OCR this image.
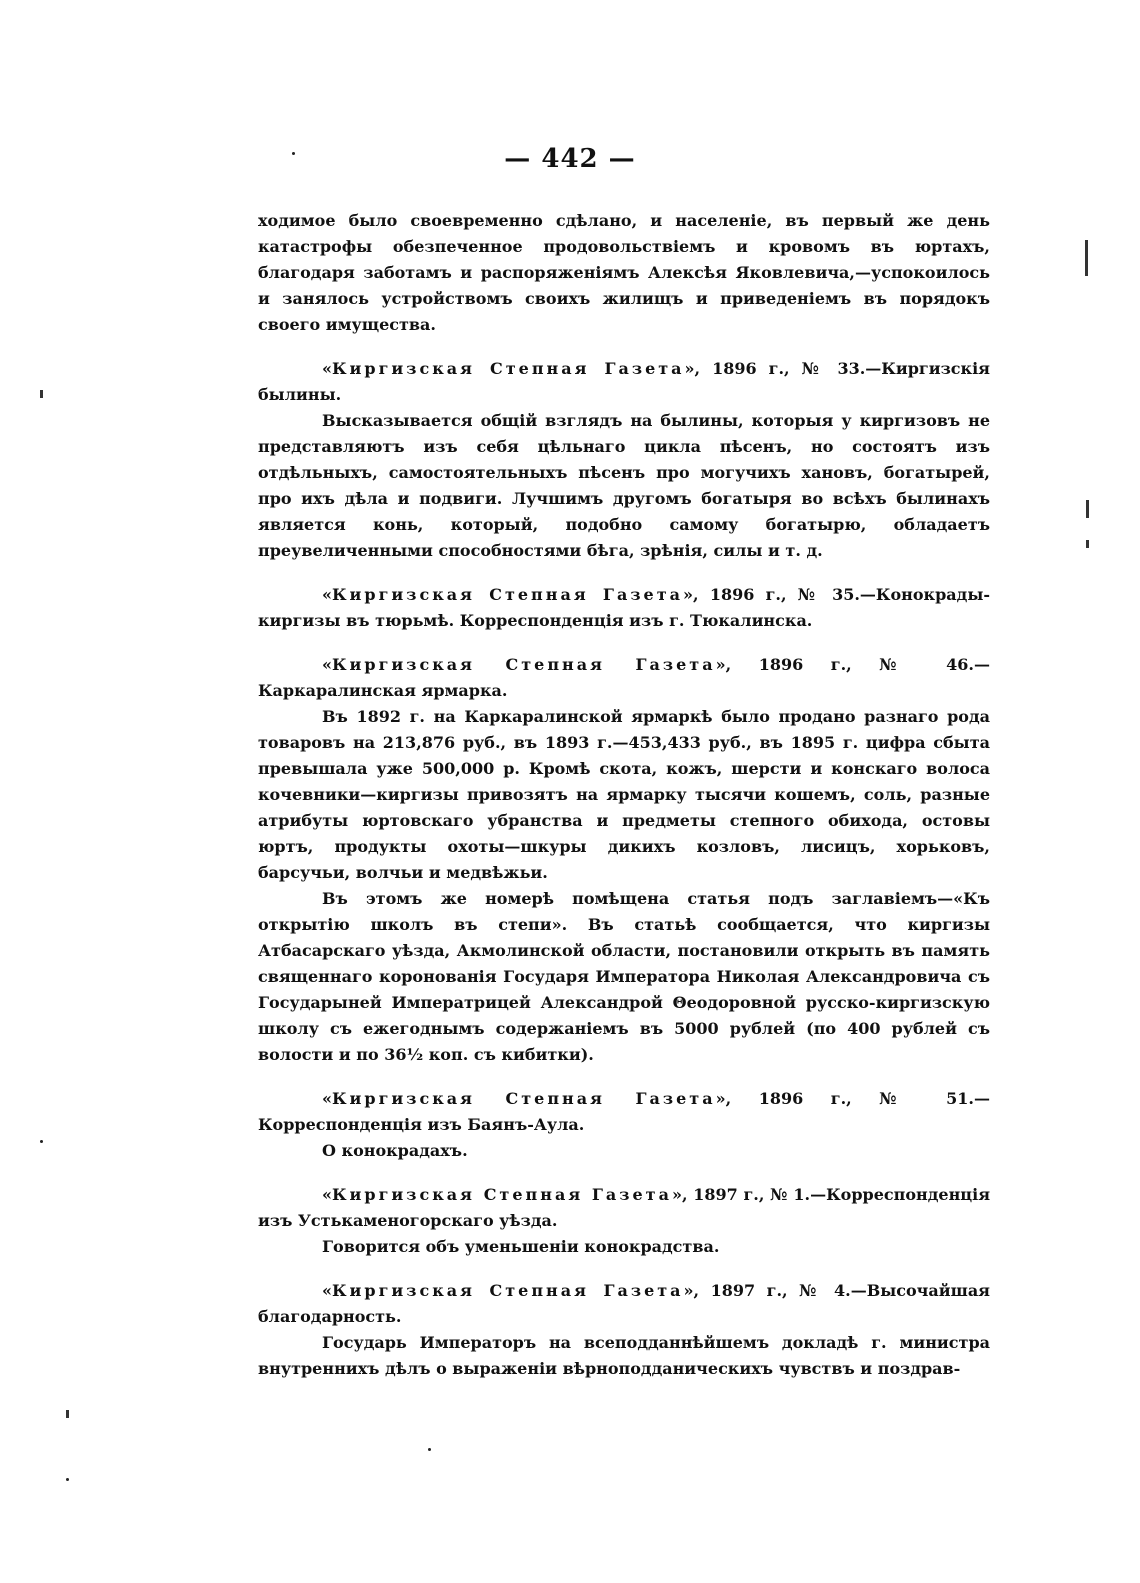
— 442 —

ходимое было своевременно сдѣлано, и населеніе, въ первый же день катастрофы обезпеченное продовольствіемъ и кровомъ въ юртахъ, благодаря заботамъ и распоряженіямъ Алексѣя Яковлевича,—успокоилось и занялось устройствомъ своихъ жилищъ и приведеніемъ въ порядокъ своего имущества.

«Киргизская Степная Газета», 1896 г., № 33.—Киргизскія былины.

Высказывается общій взглядъ на былины, которыя у киргизовъ не представляютъ изъ себя цѣльнаго цикла пѣсенъ, но состоятъ изъ отдѣльныхъ, самостоятельныхъ пѣсенъ про могучихъ хановъ, богатырей, про ихъ дѣла и подвиги. Лучшимъ другомъ богатыря во всѣхъ былинахъ является конь, который, подобно самому богатырю, обладаетъ преувеличенными способностями бѣга, зрѣнія, силы и т. д.

«Киргизская Степная Газета», 1896 г., № 35.—Конокрады-киргизы въ тюрьмѣ. Корреспонденція изъ г. Тюкалинска.

«Киргизская Степная Газета», 1896 г., № 46.—Каркаралинская ярмарка.

Въ 1892 г. на Каркаралинской ярмаркѣ было продано разнаго рода товаровъ на 213,876 руб., въ 1893 г.—453,433 руб., въ 1895 г. цифра сбыта превышала уже 500,000 р. Кромѣ скота, кожъ, шерсти и конскаго волоса кочевники—киргизы привозятъ на ярмарку тысячи кошемъ, соль, разные атрибуты юртовскаго убранства и предметы степного обихода, остовы юртъ, продукты охоты—шкуры дикихъ козловъ, лисицъ, хорьковъ, барсучьи, волчьи и медвѣжьи.

Въ этомъ же номерѣ помѣщена статья подъ заглавіемъ—«Къ открытію школъ въ степи». Въ статьѣ сообщается, что киргизы Атбасарскаго уѣзда, Акмолинской области, постановили открыть въ память священнаго коронованія Государя Императора Николая Александровича съ Государыней Императрицей Александрой Θеодоровной русско-киргизскую школу съ ежегоднымъ содержаніемъ въ 5000 рублей (по 400 рублей съ волости и по 36½ коп. съ кибитки).

«Киргизская Степная Газета», 1896 г., № 51.—Корреспонденція изъ Баянъ-Аула.

О конокрадахъ.

«Киргизская Степная Газета», 1897 г., № 1.—Корреспонденція изъ Устькаменогорскаго уѣзда.

Говорится объ уменьшеніи конокрадства.

«Киргизская Степная Газета», 1897 г., № 4.—Высочайшая благодарность.

Государь Императоръ на всеподданнѣйшемъ докладѣ г. министра внутреннихъ дѣлъ о выраженіи вѣрноподданическихъ чувствъ и поздрав-
